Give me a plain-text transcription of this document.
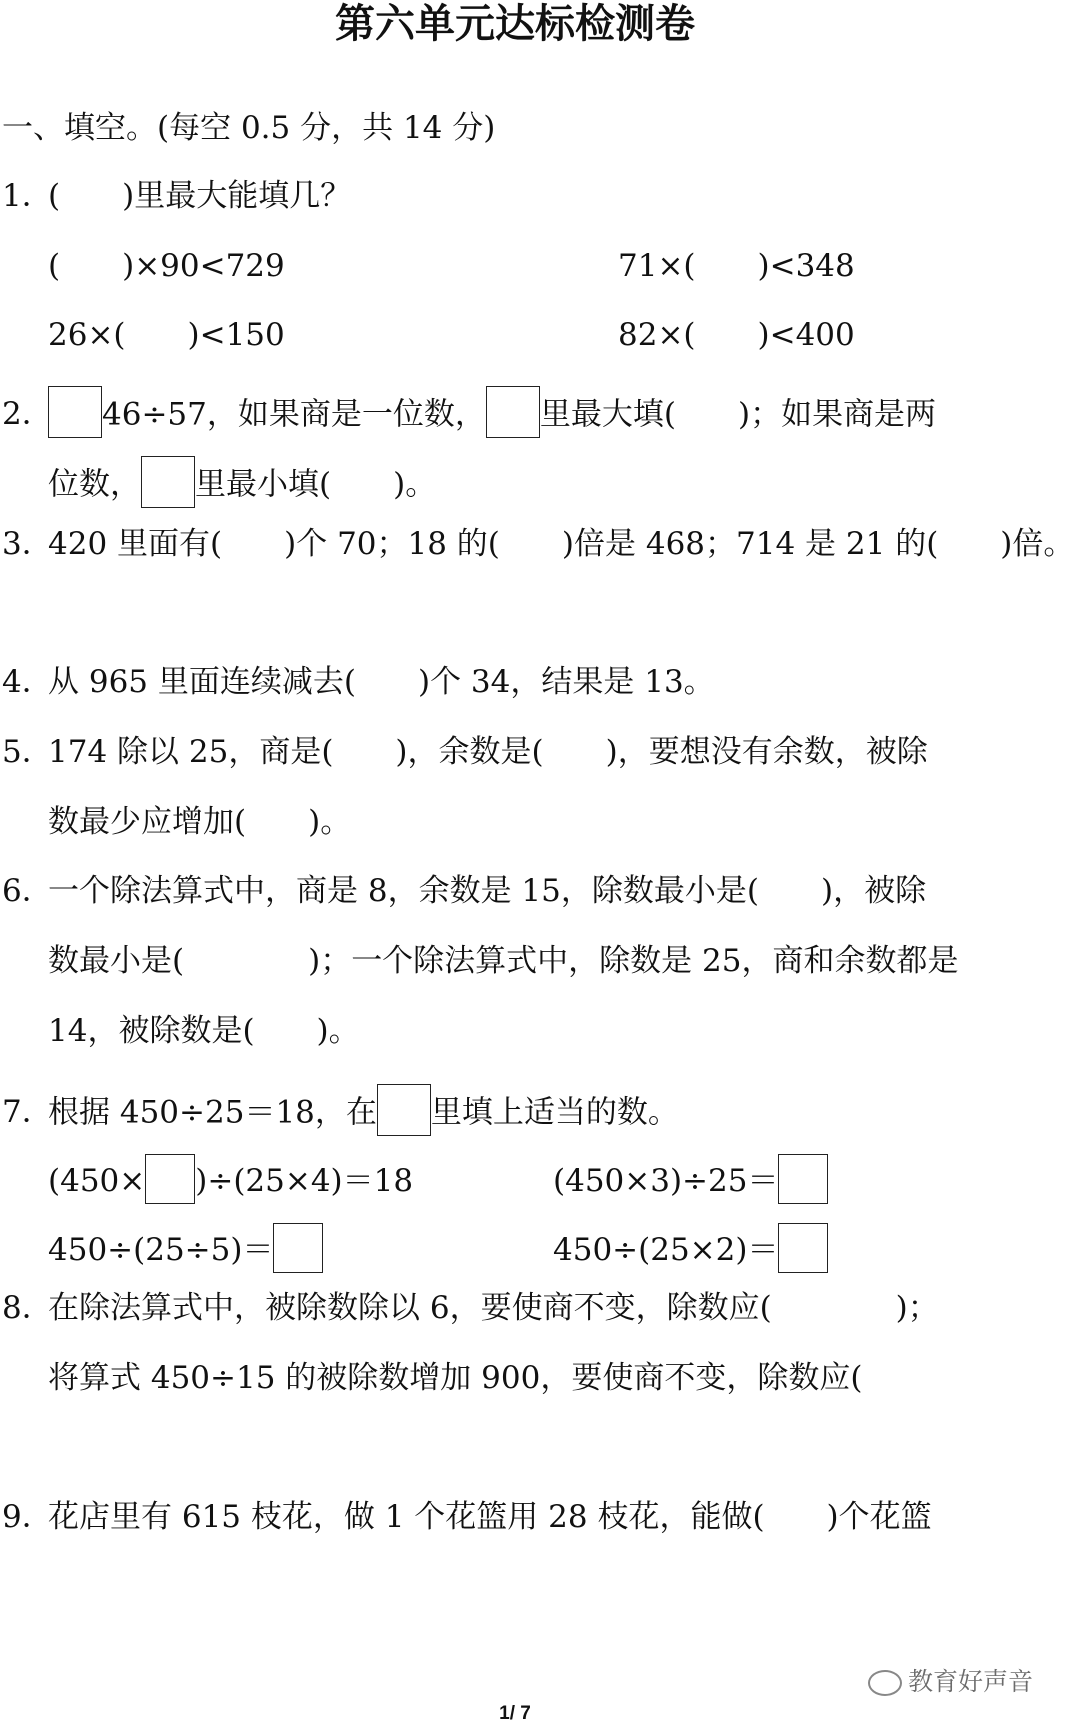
第六单元达标检测卷
一、填空。(每空 0.5 分，共 14 分)
1．
(　　)里最大能填几？
(　　)×90<729	71×(　　)<348
26×(　　)<150	82×(　　)<400
2．	46÷57，如果商是一位数， 里最大填(　　)；如果商是两
位数， 里最小填(　　)。
3．
420 里面有(　　)个 70；18 的(　　)倍是 468；714 是 21 的(　　)倍。
4．
从 965 里面连续减去(　　)个 34，结果是 13。
5．
174 除以 25，商是(　　)，余数是(　　)，要想没有余数，被除
数最少应增加(　　)。
6．
一个除法算式中，商是 8，余数是 15，除数最小是(　　)，被除
数最小是(　　　　)；一个除法算式中，除数是 25，商和余数都是
14，被除数是(　　)。
7．
根据 450÷25＝18，在 里填上适当的数。
(450× )÷(25×4)＝18	(450×3)÷25＝
450÷(25÷5)＝	450÷(25×2)＝
8．
在除法算式中，被除数除以 6，要使商不变，除数应(　　　　)；
将算式 450÷15 的被除数增加 900，要使商不变，除数应(
9．
花店里有 615 枝花，做 1 个花篮用 28 枝花，能做(　　)个花篮
教育好声音
1/ 7
